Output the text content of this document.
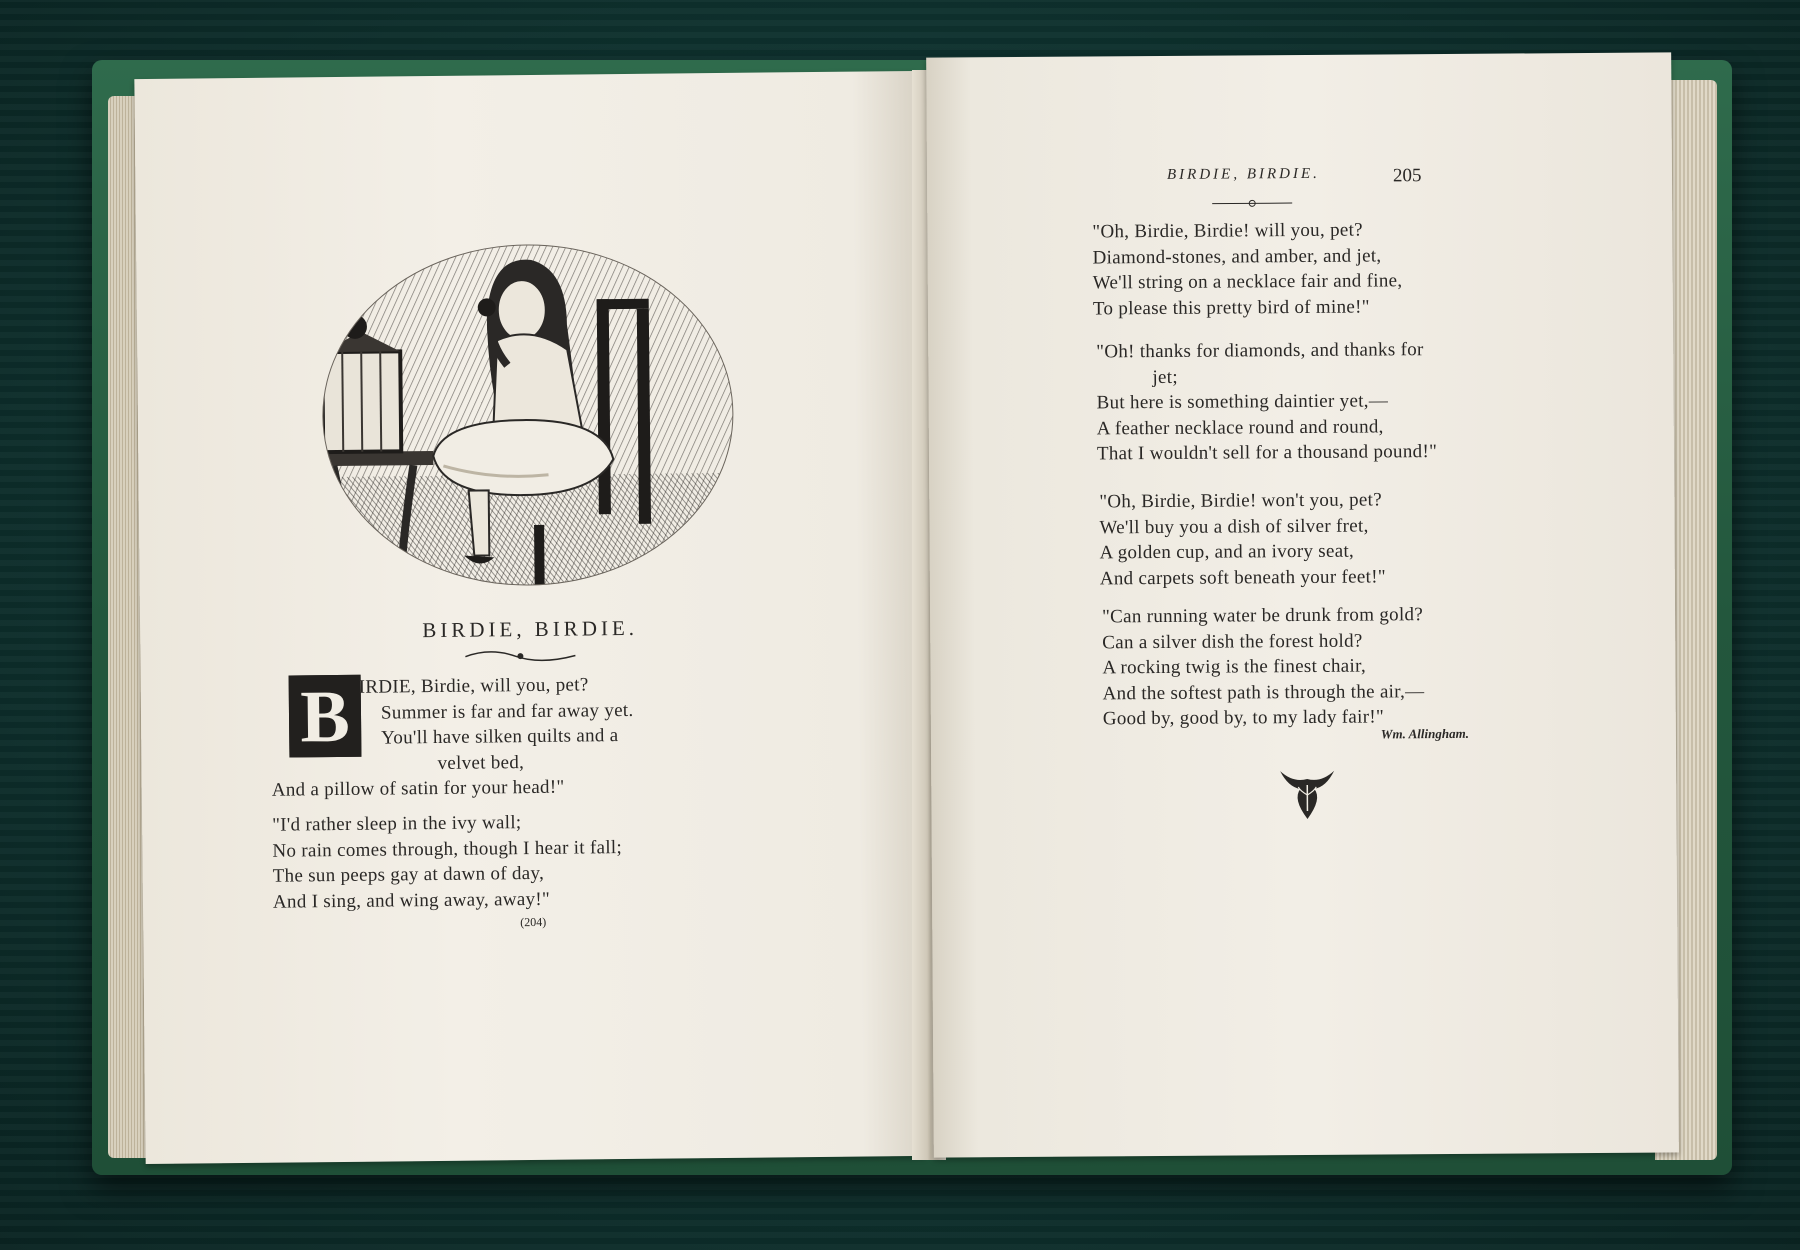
BIRDIE, BIRDIE.
B IRDIE, Birdie, will you, pet?
Summer is far and far away yet.
You'll have silken quilts and a
velvet bed,
And a pillow of satin for your head!"
"I'd rather sleep in the ivy wall;
No rain comes through, though I hear it fall;
The sun peeps gay at dawn of day,
And I sing, and wing away, away!"
(204)
BIRDIE, BIRDIE.	205
"Oh, Birdie, Birdie! will you, pet?
Diamond-stones, and amber, and jet,
We'll string on a necklace fair and fine,
To please this pretty bird of mine!"
"Oh! thanks for diamonds, and thanks for
jet;
But here is something daintier yet,—
A feather necklace round and round,
That I wouldn't sell for a thousand pound!"
"Oh, Birdie, Birdie! won't you, pet?
We'll buy you a dish of silver fret,
A golden cup, and an ivory seat,
And carpets soft beneath your feet!"
"Can running water be drunk from gold?
Can a silver dish the forest hold?
A rocking twig is the finest chair,
And the softest path is through the air,—
Good by, good by, to my lady fair!"
Wm. Allingham.
